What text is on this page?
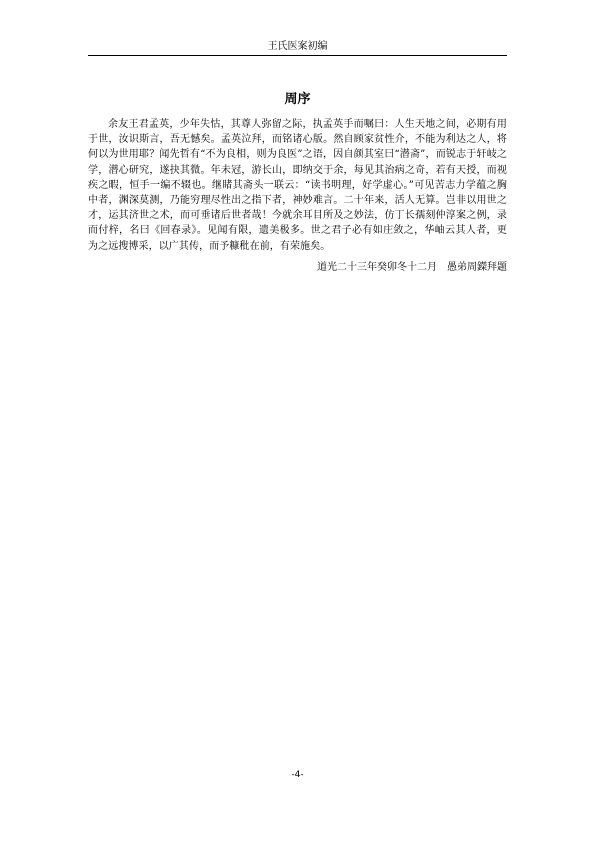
王氏医案初编
周序

余友王君孟英，少年失怙，其尊人弥留之际，执孟英手而嘱曰：人生天地之间，必期有用于世，汝识斯言，吾无憾矣。孟英泣拜，而铭诸心版。然自顾家贫性介，不能为利达之人，将何以为世用耶？闻先哲有“不为良相，则为良医”之语，因自颜其室曰“潜斋”，而锐志于轩岐之学，潜心研究，遂抉其微。年未冠，游长山，即纳交于余，每见其治病之奇，若有天授，而视疾之暇，恒手一编不辍也。继睹其斋头一联云：“读书明理，好学虚心。”可见苦志力学蕴之胸中者，渊深莫测，乃能穷理尽性出之指下者，神妙难言。二十年来，活人无算。岂非以用世之才，运其济世之术，而可垂诸后世者哉！今就余耳目所及之妙法，仿丁长孺刻仲淳案之例，录而付梓，名曰《回春录》。见闻有限，遗美极多。世之君子必有如庄敛之，华岫云其人者，更为之远搜博采，以广其传，而予糠秕在前，有荣施矣。

道光二十三年癸卯冬十二月　愚弟周鑅拜题
-4-
